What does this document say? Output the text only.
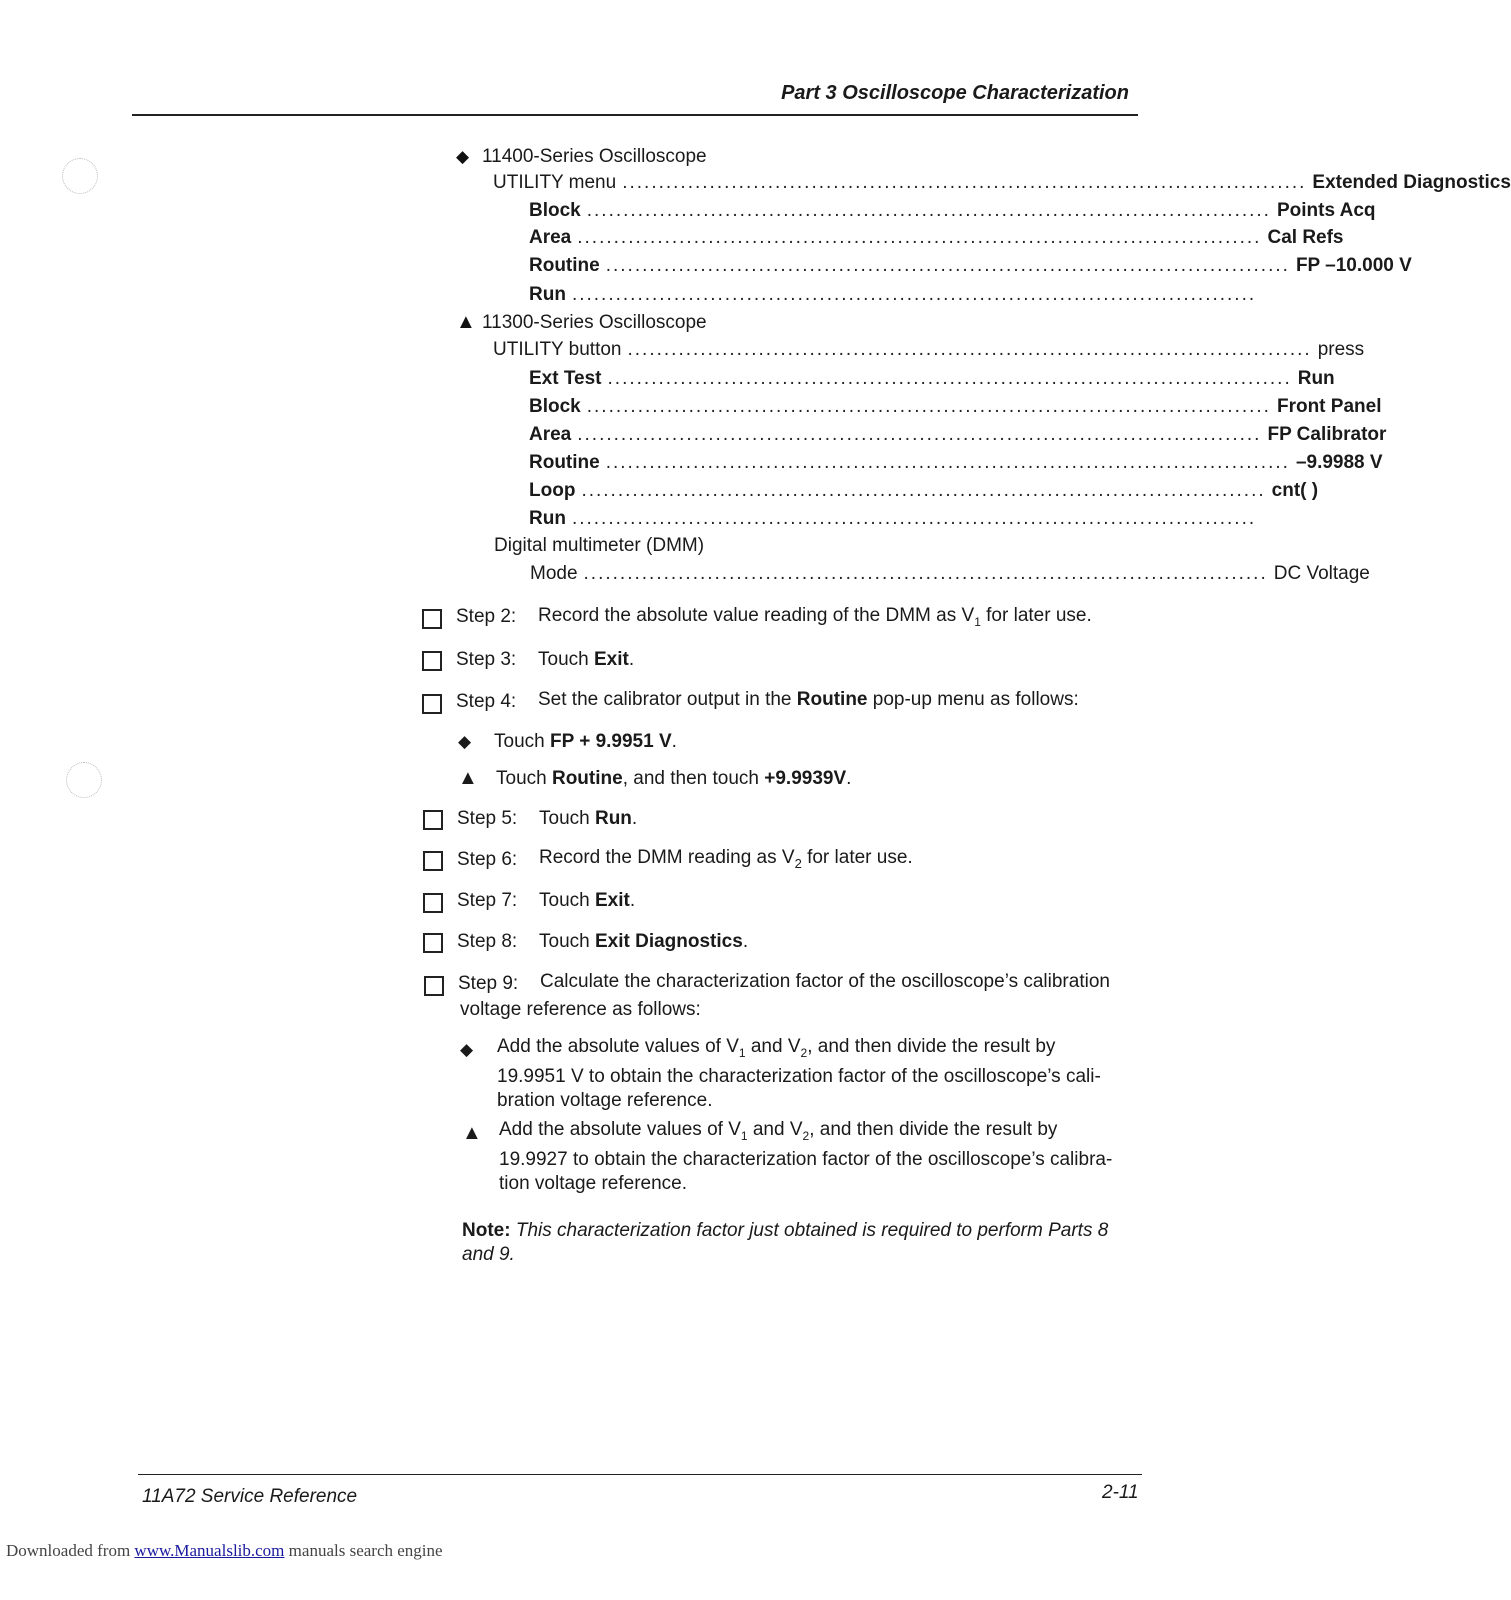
Part 3 Oscilloscope Characterization
◆ 11400-Series Oscilloscope
UTILITY menu .............................................................................................. Extended Diagnostics
Block .............................................................................................. Points Acq
Area .............................................................................................. Cal Refs
Routine .............................................................................................. FP –10.000 V
Run ..............................................................................................
▲ 11300-Series Oscilloscope
UTILITY button .............................................................................................. press
Ext Test .............................................................................................. Run
Block .............................................................................................. Front Panel
Area .............................................................................................. FP Calibrator
Routine .............................................................................................. –9.9988 V
Loop .............................................................................................. cnt( )
Run ..............................................................................................
Digital multimeter (DMM)
Mode .............................................................................................. DC Voltage
Step 2: Record the absolute value reading of the DMM as $V_1$ for later use.
Step 3: Touch Exit.
Step 4: Set the calibrator output in the Routine pop-up menu as follows:
◆ Touch FP + 9.9951 V.
▲ Touch Routine, and then touch +9.9939V.
Step 5: Touch Run.
Step 6: Record the DMM reading as $V_2$ for later use.
Step 7: Touch Exit.
Step 8: Touch Exit Diagnostics.
Step 9: Calculate the characterization factor of the oscilloscope’s calibration
voltage reference as follows:
◆ Add the absolute values of $V_1$ and $V_2$, and then divide the result by
19.9951 V to obtain the characterization factor of the oscilloscope’s cali-
bration voltage reference.
▲ Add the absolute values of $V_1$ and $V_2$, and then divide the result by
19.9927 to obtain the characterization factor of the oscilloscope’s calibra-
tion voltage reference.
Note: This characterization factor just obtained is required to perform Parts 8
and 9.
11A72 Service Reference	2-11
Downloaded from www.Manualslib.com manuals search engine
